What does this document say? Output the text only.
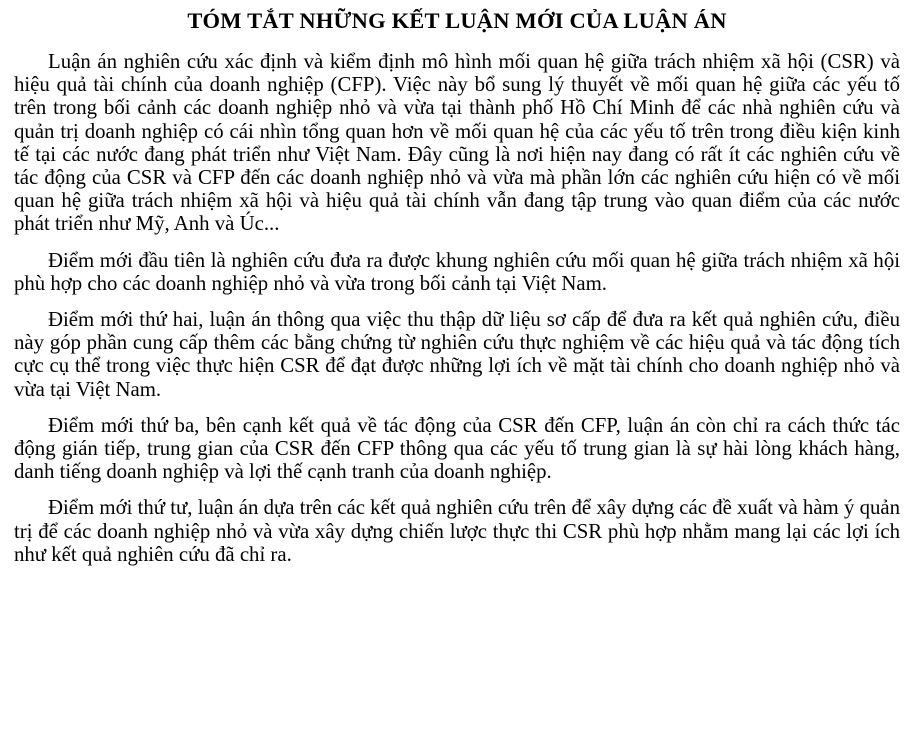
TÓM TẮT NHỮNG KẾT LUẬN MỚI CỦA LUẬN ÁN

Luận án nghiên cứu xác định và kiểm định mô hình mối quan hệ giữa trách nhiệm xã hội (CSR) và hiệu quả tài chính của doanh nghiệp (CFP). Việc này bổ sung lý thuyết về mối quan hệ giữa các yếu tố trên trong bối cảnh các doanh nghiệp nhỏ và vừa tại thành phố Hồ Chí Minh để các nhà nghiên cứu và quản trị doanh nghiệp có cái nhìn tổng quan hơn về mối quan hệ của các yếu tố trên trong điều kiện kinh tế tại các nước đang phát triển như Việt Nam. Đây cũng là nơi hiện nay đang có rất ít các nghiên cứu về tác động của CSR và CFP đến các doanh nghiệp nhỏ và vừa mà phần lớn các nghiên cứu hiện có về mối quan hệ giữa trách nhiệm xã hội và hiệu quả tài chính vẫn đang tập trung vào quan điểm của các nước phát triển như Mỹ, Anh và Úc...

Điểm mới đầu tiên là nghiên cứu đưa ra được khung nghiên cứu mối quan hệ giữa trách nhiệm xã hội phù hợp cho các doanh nghiệp nhỏ và vừa trong bối cảnh tại Việt Nam.

Điểm mới thứ hai, luận án thông qua việc thu thập dữ liệu sơ cấp để đưa ra kết quả nghiên cứu, điều này góp phần cung cấp thêm các bằng chứng từ nghiên cứu thực nghiệm về các hiệu quả và tác động tích cực cụ thể trong việc thực hiện CSR để đạt được những lợi ích về mặt tài chính cho doanh nghiệp nhỏ và vừa tại Việt Nam.

Điểm mới thứ ba, bên cạnh kết quả về tác động của CSR đến CFP, luận án còn chỉ ra cách thức tác động gián tiếp, trung gian của CSR đến CFP thông qua các yếu tố trung gian là sự hài lòng khách hàng, danh tiếng doanh nghiệp và lợi thế cạnh tranh của doanh nghiệp.

Điểm mới thứ tư, luận án dựa trên các kết quả nghiên cứu trên để xây dựng các đề xuất và hàm ý quản trị để các doanh nghiệp nhỏ và vừa xây dựng chiến lược thực thi CSR phù hợp nhằm mang lại các lợi ích như kết quả nghiên cứu đã chỉ ra.
